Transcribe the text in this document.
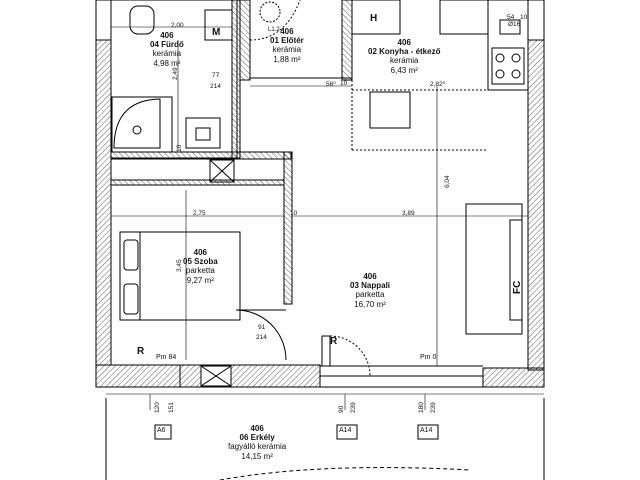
406
04 Fürdő
kerámia
4,98 m²
406
01 Előtér
kerámia
1,88 m²
406
02 Konyha - étkező
kerámia
6,43 m²
406
05 Szoba
parketta
9,27 m²	406
03 Nappali
parketta
16,70 m²
406
06 Erkély
fagyálló kerámia
14,15 m²
M
H
FC
R
R
L1.2
54 10
Ø16
2,00
2,49	77
214
10
56⁰ 10	2,82⁰
6,04
2,75	10	3,89
3,45
91
214
Pm 84	Pm 0
120 151	90 239	180 239
A6	A14	A14
